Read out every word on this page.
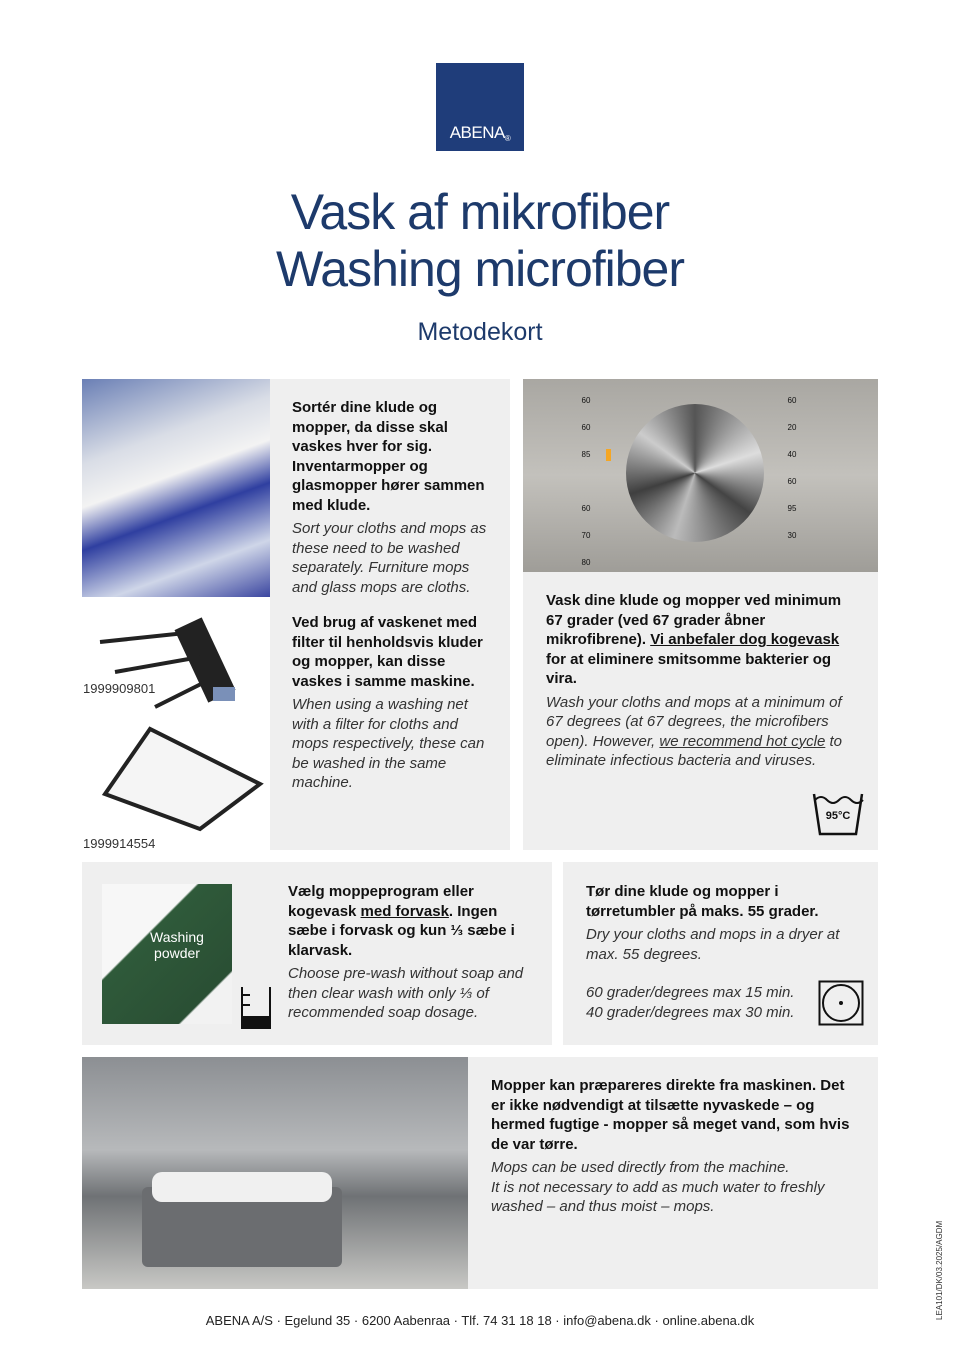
$ABENA_®$
Vask af mikrofiber
Washing microfiber
Metodekort
1999909801
1999914554

Sortér dine klude og mopper, da disse skal vaskes hver for sig. Inventarmopper og glasmopper hører sammen med klude.

Sort your cloths and mops as these need to be washed separately. Furniture mops and glass mops are cloths.

Ved brug af vaskenet med filter til henholdsvis kluder og mopper, kan disse vaskes i samme maskine.

When using a washing net with a filter for cloths and mops respectively, these can be washed in the same machine.

60
60
85
60
70
80
60
20
40
60
95
30

Vask dine klude og mopper ved minimum 67 grader (ved 67 grader åbner mikrofibrene). Vi anbefaler dog kogevask for at eliminere smitsomme bakterier og vira.

Wash your cloths and mops at a minimum of 67 degrees (at 67 degrees, the microfibers open). However, we recommend hot cycle to eliminate infectious bacteria and viruses.

95°C
Washing
powder

Vælg moppeprogram eller kogevask med forvask. Ingen sæbe i forvask og kun ⅓ sæbe i klarvask.

Choose pre-wash without soap and then clear wash with only ⅓ of recommended soap dosage.

Tør dine klude og mopper i tørretumbler på maks. 55 grader.

Dry your cloths and mops in a dryer at max. 55 degrees.

60 grader/degrees max 15 min.

40 grader/degrees max 30 min.

Mopper kan præpareres direkte fra maskinen. Det er ikke nødvendigt at tilsætte nyvaskede – og hermed fugtige - mopper så meget vand, som hvis de var tørre.

Mops can be used directly from the machine.

It is not necessary to add as much water to freshly washed – and thus moist – mops.

ABENA A/S · Egelund 35 · 6200 Aabenraa · Tlf. 74 31 18 18 · info@abena.dk · online.abena.dk
LEA101/DK/03.2025/AGDM
